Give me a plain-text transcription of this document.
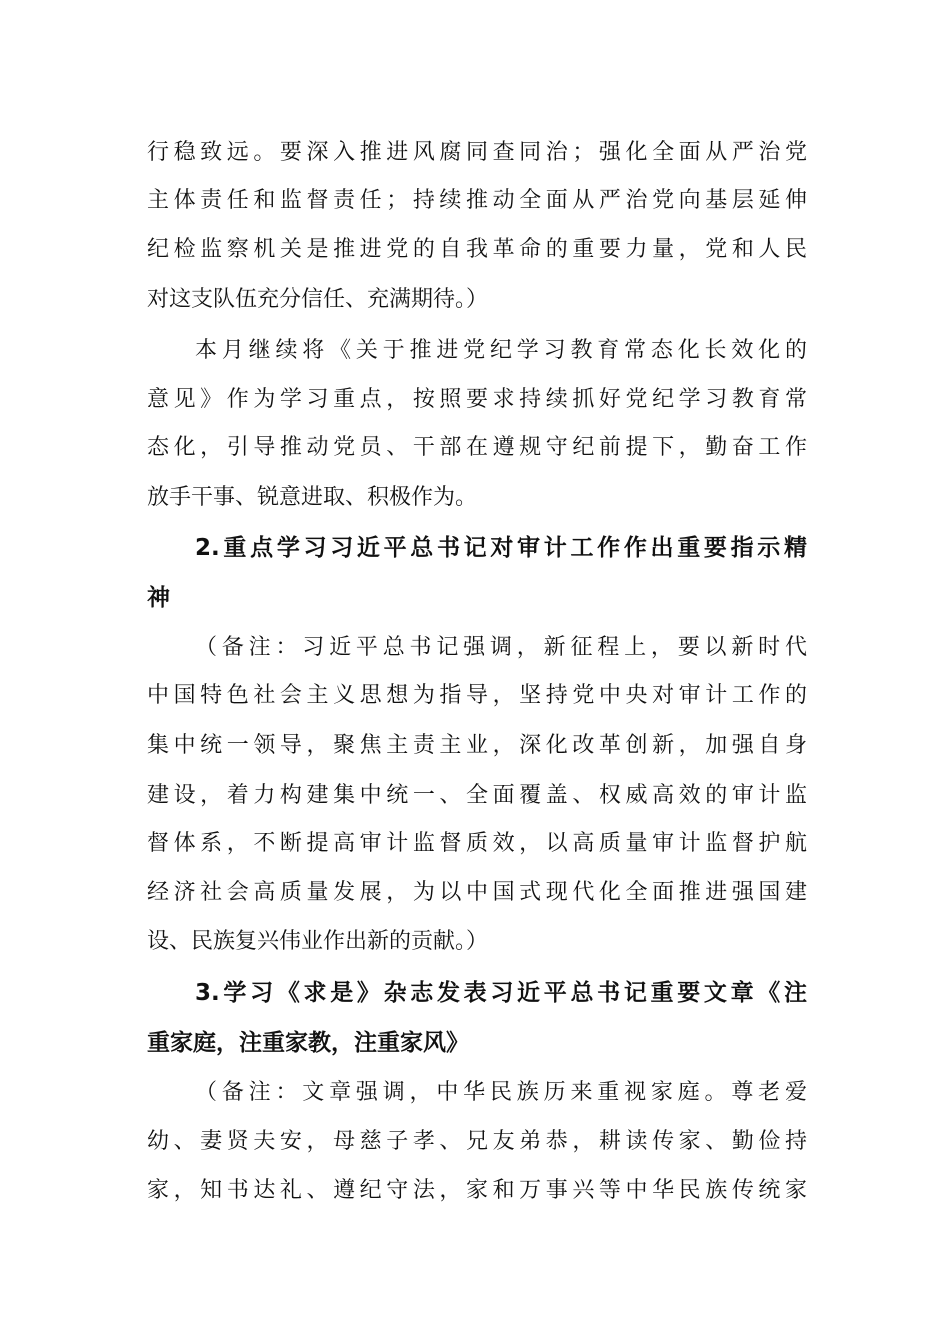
行稳致远。要深入推进风腐同查同治；强化全面从严治党
主体责任和监督责任；持续推动全面从严治党向基层延伸
纪检监察机关是推进党的自我革命的重要力量，党和人民
对这支队伍充分信任、充满期待。）
本月继续将《关于推进党纪学习教育常态化长效化的
意见》作为学习重点，按照要求持续抓好党纪学习教育常
态化，引导推动党员、干部在遵规守纪前提下，勤奋工作
放手干事、锐意进取、积极作为。
2.重点学习习近平总书记对审计工作作出重要指示精
神
（备注：习近平总书记强调，新征程上，要以新时代
中国特色社会主义思想为指导，坚持党中央对审计工作的
集中统一领导，聚焦主责主业，深化改革创新，加强自身
建设，着力构建集中统一、全面覆盖、权威高效的审计监
督体系，不断提高审计监督质效，以高质量审计监督护航
经济社会高质量发展，为以中国式现代化全面推进强国建
设、民族复兴伟业作出新的贡献。）
3.学习《求是》杂志发表习近平总书记重要文章《注
重家庭，注重家教，注重家风》
（备注：文章强调，中华民族历来重视家庭。尊老爱
幼、妻贤夫安，母慈子孝、兄友弟恭，耕读传家、勤俭持
家，知书达礼、遵纪守法，家和万事兴等中华民族传统家
